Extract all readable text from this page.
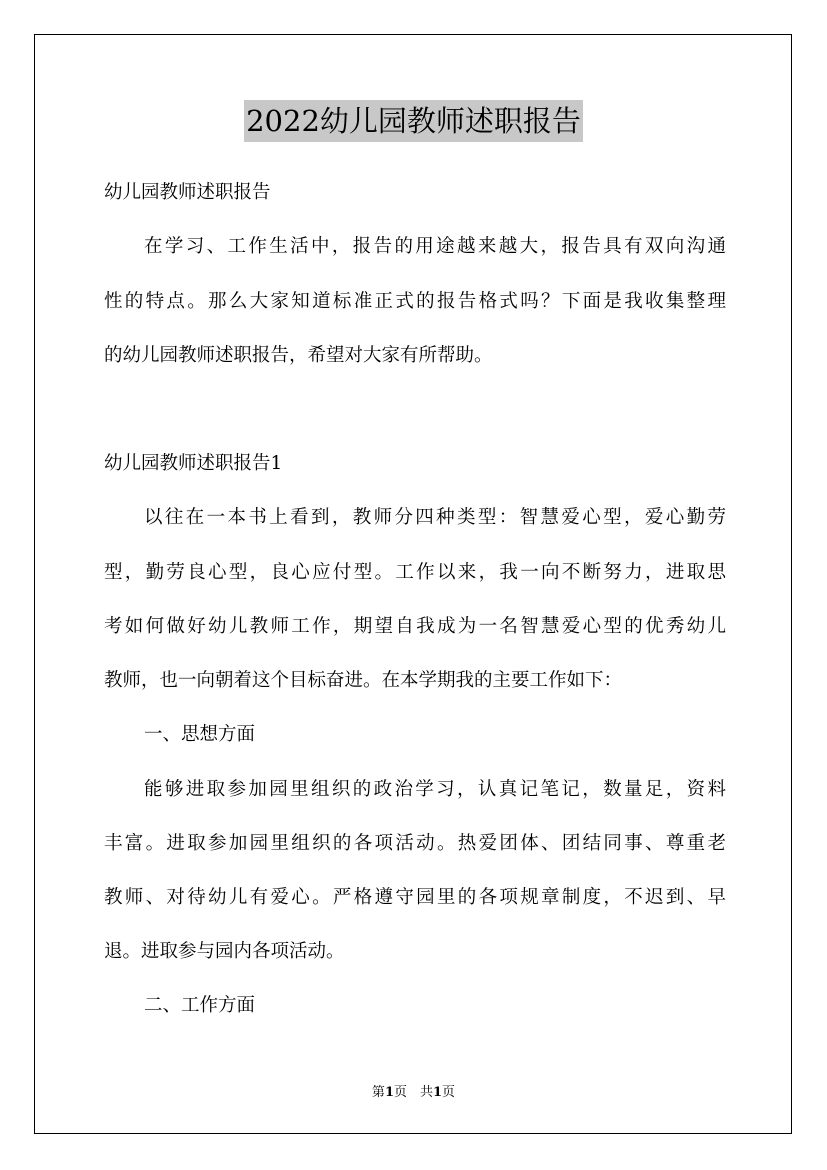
2022幼儿园教师述职报告
幼儿园教师述职报告
在学习、工作生活中，报告的用途越来越大，报告具有双向沟通
性的特点。那么大家知道标准正式的报告格式吗？下面是我收集整理
的幼儿园教师述职报告，希望对大家有所帮助。
幼儿园教师述职报告1
以往在一本书上看到，教师分四种类型：智慧爱心型，爱心勤劳
型，勤劳良心型，良心应付型。工作以来，我一向不断努力，进取思
考如何做好幼儿教师工作，期望自我成为一名智慧爱心型的优秀幼儿
教师，也一向朝着这个目标奋进。在本学期我的主要工作如下：
一、思想方面
能够进取参加园里组织的政治学习，认真记笔记，数量足，资料
丰富。进取参加园里组织的各项活动。热爱团体、团结同事、尊重老
教师、对待幼儿有爱心。严格遵守园里的各项规章制度，不迟到、早
退。进取参与园内各项活动。
二、工作方面
第1页　共1页
